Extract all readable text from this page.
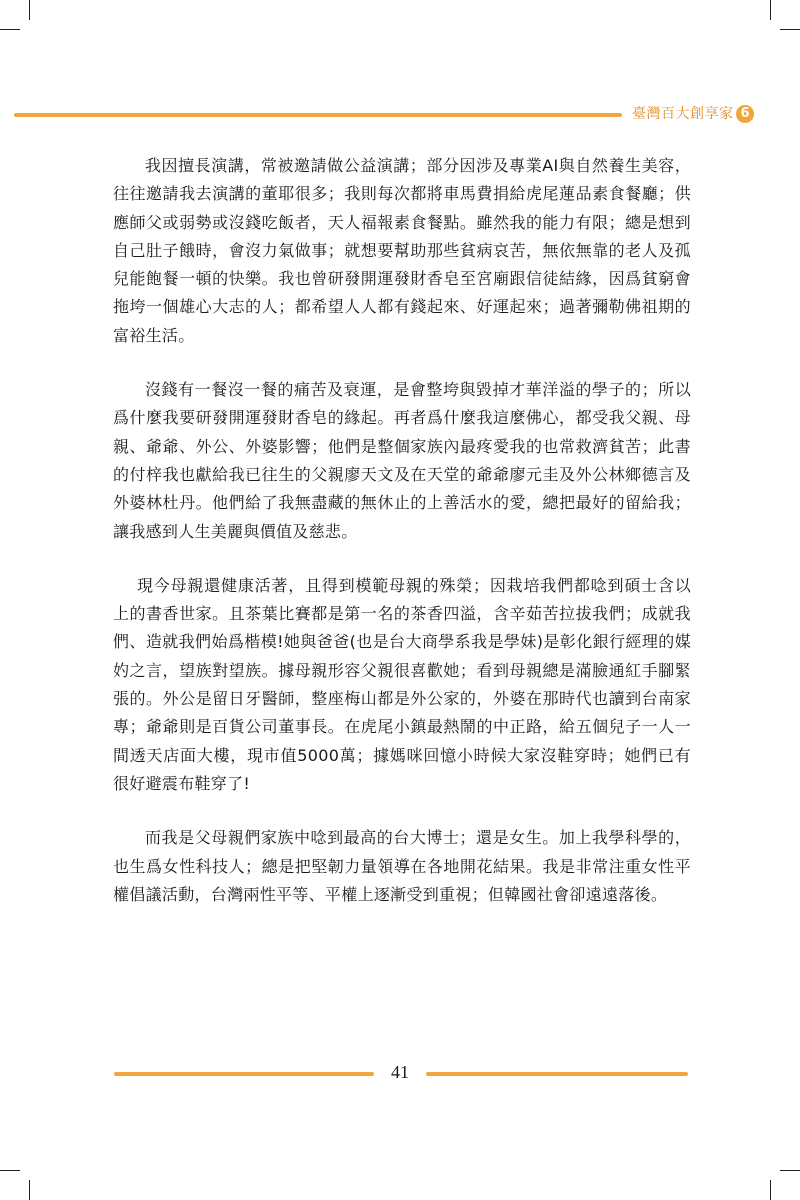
臺灣百大創享家 6

我因擅長演講，常被邀請做公益演講；部分因涉及專業AI與自然養生美容，往往邀請我去演講的董耶很多；我則每次都將車馬費捐給虎尾蓮品素食餐廳；供應師父或弱勢或沒錢吃飯者，天人福報素食餐點。雖然我的能力有限；總是想到自己肚子餓時，會沒力氣做事；就想要幫助那些貧病哀苦，無依無靠的老人及孤兒能飽餐一頓的快樂。我也曾研發開運發財香皂至宮廟跟信徒結緣，因爲貧窮會拖垮一個雄心大志的人；都希望人人都有錢起來、好運起來；過著彌勒佛祖期的富裕生活。

沒錢有一餐沒一餐的痛苦及衰運，是會整垮與毀掉才華洋溢的學子的；所以爲什麼我要研發開運發財香皂的緣起。再者爲什麼我這麼佛心，都受我父親、母親、爺爺、外公、外婆影響；他們是整個家族內最疼愛我的也常救濟貧苦；此書的付梓我也獻給我已往生的父親廖天文及在天堂的爺爺廖元圭及外公林鄉德言及外婆林杜丹。他們給了我無盡藏的無休止的上善活水的愛，總把最好的留給我；讓我感到人生美麗與價值及慈悲。

現今母親還健康活著，且得到模範母親的殊榮；因栽培我們都唸到碩士含以上的書香世家。且茶葉比賽都是第一名的茶香四溢，含辛茹苦拉拔我們；成就我們、造就我們始爲楷模!她與爸爸(也是台大商學系我是學妹)是彰化銀行經理的媒妁之言，望族對望族。據母親形容父親很喜歡她；看到母親總是滿臉通紅手腳緊張的。外公是留日牙醫師，整座梅山都是外公家的，外婆在那時代也讀到台南家專；爺爺則是百貨公司董事長。在虎尾小鎮最熱鬧的中正路，給五個兒子一人一間透天店面大樓，現市值5000萬；據媽咪回憶小時候大家沒鞋穿時；她們已有很好避震布鞋穿了!

而我是父母親們家族中唸到最高的台大博士；還是女生。加上我學科學的，也生爲女性科技人；總是把堅韌力量領導在各地開花結果。我是非常注重女性平權倡議活動，台灣兩性平等、平權上逐漸受到重視；但韓國社會卻遠遠落後。

41
